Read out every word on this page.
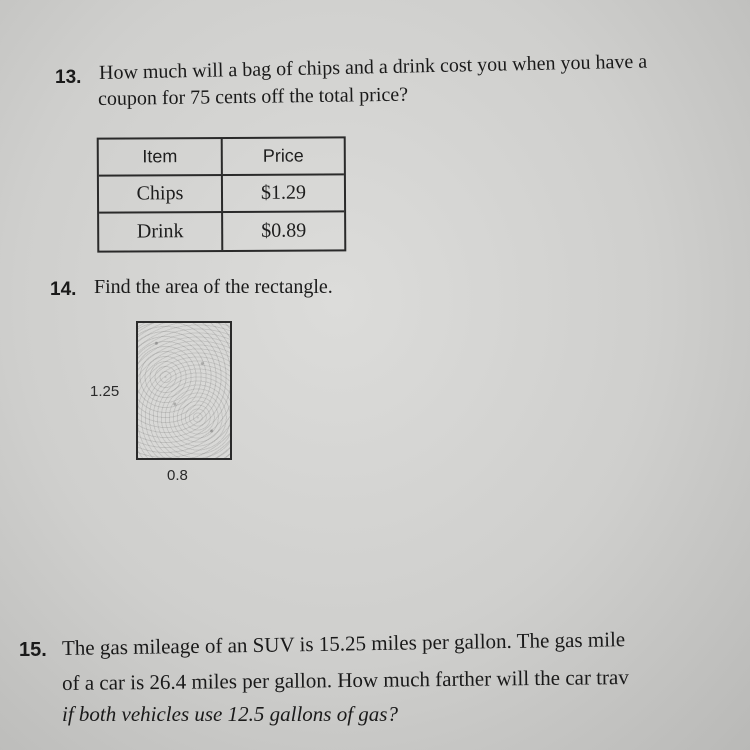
13. How much will a bag of chips and a drink cost you when you have a
coupon for 75 cents off the total price?
Item	Price
Chips	$1.29
Drink	$0.89
14. Find the area of the rectangle.
1.25
0.8
15. The gas mileage of an SUV is 15.25 miles per gallon. The gas mile
of a car is 26.4 miles per gallon. How much farther will the car trav
if both vehicles use 12.5 gallons of gas?
